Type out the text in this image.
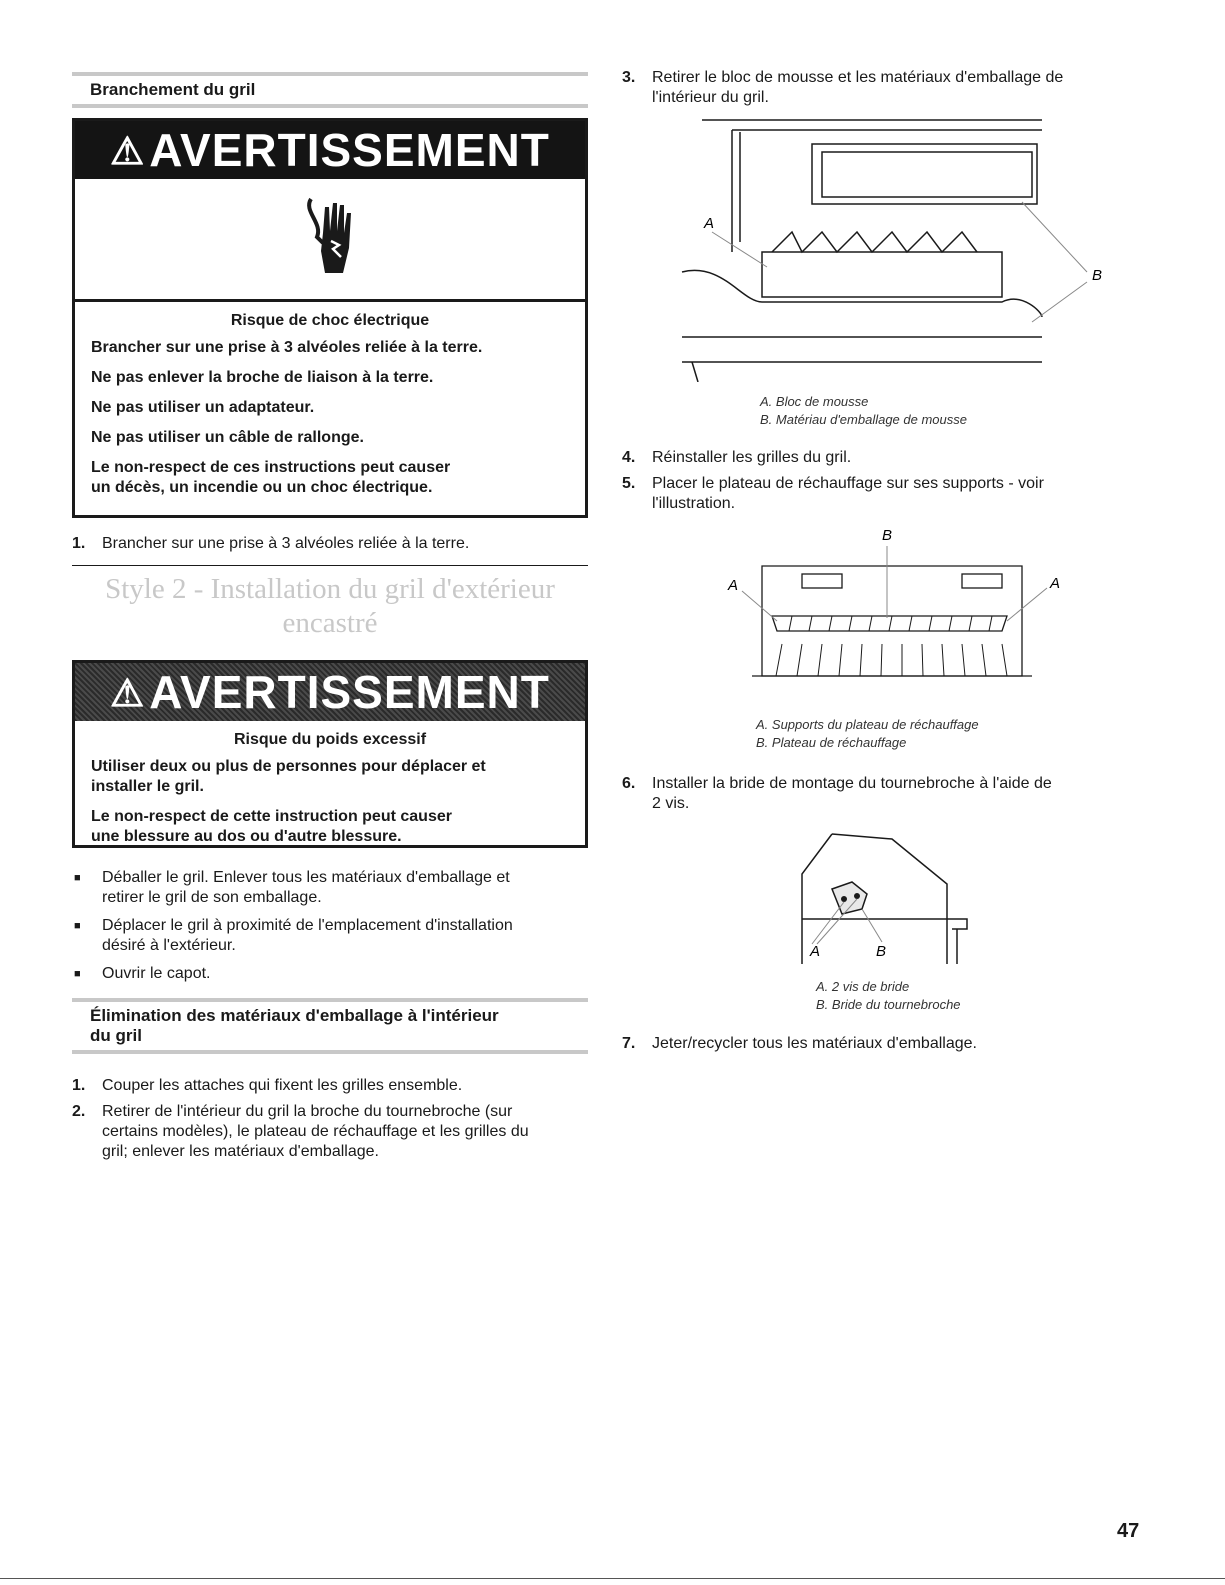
Branchement du gril
⚠AVERTISSEMENT
Risque de choc électrique
Brancher sur une prise à 3 alvéoles reliée à la terre.
Ne pas enlever la broche de liaison à la terre.
Ne pas utiliser un adaptateur.
Ne pas utiliser un câble de rallonge.
Le non-respect de ces instructions peut causer
un décès, un incendie ou un choc électrique.
1. Brancher sur une prise à 3 alvéoles reliée à la terre.
Style 2 - Installation du gril d'extérieur
encastré
⚠AVERTISSEMENT
Risque du poids excessif
Utiliser deux ou plus de personnes pour déplacer et
installer le gril.
Le non-respect de cette instruction peut causer
une blessure au dos ou d'autre blessure.
■ Déballer le gril. Enlever tous les matériaux d'emballage et
retirer le gril de son emballage.
■ Déplacer le gril à proximité de l'emplacement d'installation
désiré à l'extérieur.
■ Ouvrir le capot.
Élimination des matériaux d'emballage à l'intérieur
du gril
1. Couper les attaches qui fixent les grilles ensemble.
2. Retirer de l'intérieur du gril la broche du tournebroche (sur
certains modèles), le plateau de réchauffage et les grilles du
gril; enlever les matériaux d'emballage.
3. Retirer le bloc de mousse et les matériaux d'emballage de
l'intérieur du gril.
A
B
A. Bloc de mousse
B. Matériau d'emballage de mousse
4. Réinstaller les grilles du gril.
5. Placer le plateau de réchauffage sur ses supports - voir
l'illustration.
B
A	A
A. Supports du plateau de réchauffage
B. Plateau de réchauffage
6. Installer la bride de montage du tournebroche à l'aide de
2 vis.
A	B
A. 2 vis de bride
B. Bride du tournebroche
7. Jeter/recycler tous les matériaux d'emballage.
47
